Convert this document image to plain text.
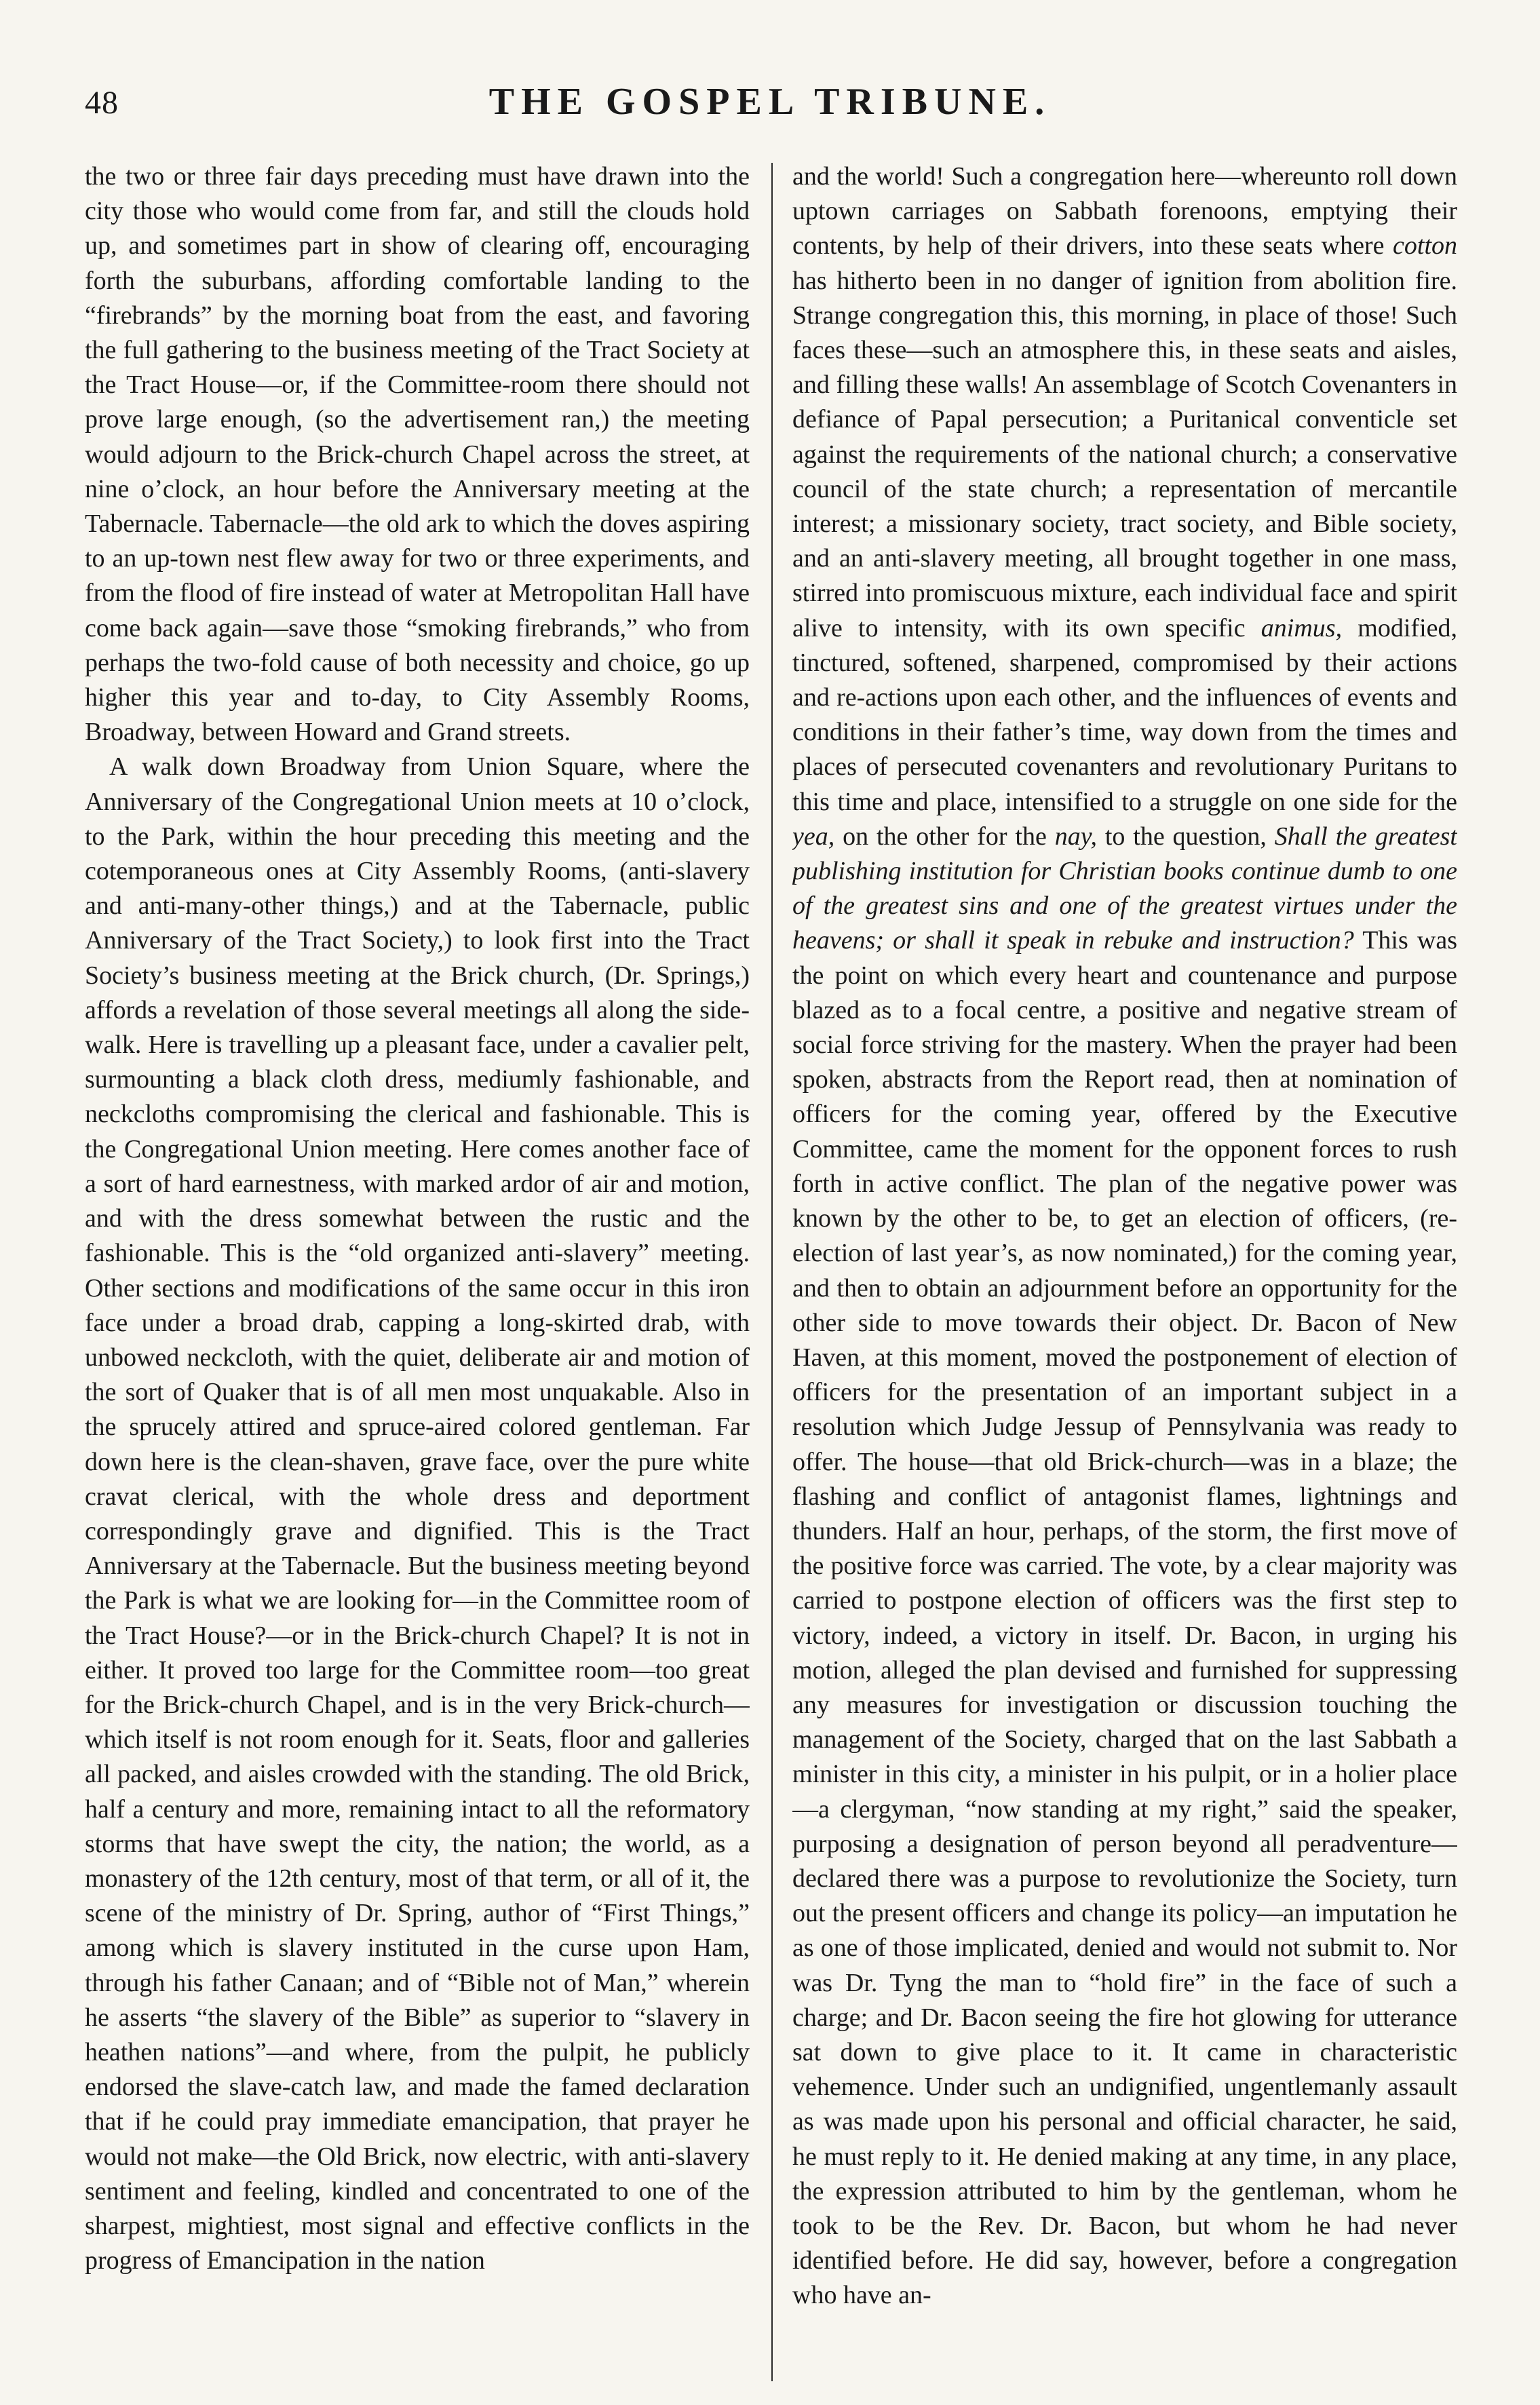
48	THE GOSPEL TRIBUNE.

the two or three fair days preceding must have drawn into the city those who would come from far, and still the clouds hold up, and sometimes part in show of clearing off, encouraging forth the suburbans, affording comfortable landing to the “firebrands” by the morning boat from the east, and favoring the full gathering to the business meeting of the Tract Society at the Tract House—or, if the Committee-room there should not prove large enough, (so the advertisement ran,) the meeting would adjourn to the Brick-church Chapel across the street, at nine o’clock, an hour before the Anniversary meeting at the Tabernacle. Tabernacle—the old ark to which the doves aspiring to an up-town nest flew away for two or three experiments, and from the flood of fire instead of water at Metropolitan Hall have come back again—save those “smoking firebrands,” who from perhaps the two-fold cause of both necessity and choice, go up higher this year and to-day, to City Assembly Rooms, Broadway, between Howard and Grand streets.

A walk down Broadway from Union Square, where the Anniversary of the Congregational Union meets at 10 o’clock, to the Park, within the hour preceding this meeting and the cotemporaneous ones at City Assembly Rooms, (anti-slavery and anti-many-other things,) and at the Tabernacle, public Anniversary of the Tract Society,) to look first into the Tract Society’s business meeting at the Brick church, (Dr. Springs,) affords a revelation of those several meetings all along the side-walk. Here is travelling up a pleasant face, under a cavalier pelt, surmounting a black cloth dress, mediumly fashionable, and neckcloths compromising the clerical and fashionable. This is the Congregational Union meeting. Here comes another face of a sort of hard earnestness, with marked ardor of air and motion, and with the dress somewhat between the rustic and the fashionable. This is the “old organized anti-slavery” meeting. Other sections and modifications of the same occur in this iron face under a broad drab, capping a long-skirted drab, with unbowed neckcloth, with the quiet, deliberate air and motion of the sort of Quaker that is of all men most unquakable. Also in the sprucely attired and spruce-aired colored gentleman. Far down here is the clean-shaven, grave face, over the pure white cravat clerical, with the whole dress and deportment correspondingly grave and dignified. This is the Tract Anniversary at the Tabernacle. But the business meeting beyond the Park is what we are looking for—in the Committee room of the Tract House?—or in the Brick-church Chapel? It is not in either. It proved too large for the Committee room—too great for the Brick-church Chapel, and is in the very Brick-church—which itself is not room enough for it. Seats, floor and galleries all packed, and aisles crowded with the standing. The old Brick, half a century and more, remaining intact to all the reformatory storms that have swept the city, the nation; the world, as a monastery of the 12th century, most of that term, or all of it, the scene of the ministry of Dr. Spring, author of “First Things,” among which is slavery instituted in the curse upon Ham, through his father Canaan; and of “Bible not of Man,” wherein he asserts “the slavery of the Bible” as superior to “slavery in heathen nations”—and where, from the pulpit, he publicly endorsed the slave-catch law, and made the famed declaration that if he could pray immediate emancipation, that prayer he would not make—the Old Brick, now electric, with anti-slavery sentiment and feeling, kindled and concentrated to one of the sharpest, mightiest, most signal and effective conflicts in the progress of Emancipation in the nation

and the world! Such a congregation here—whereunto roll down uptown carriages on Sabbath forenoons, emptying their contents, by help of their drivers, into these seats where cotton has hitherto been in no danger of ignition from abolition fire. Strange congregation this, this morning, in place of those! Such faces these—such an atmosphere this, in these seats and aisles, and filling these walls! An assemblage of Scotch Covenanters in defiance of Papal persecution; a Puritanical conventicle set against the requirements of the national church; a conservative council of the state church; a representation of mercantile interest; a missionary society, tract society, and Bible society, and an anti-slavery meeting, all brought together in one mass, stirred into promiscuous mixture, each individual face and spirit alive to intensity, with its own specific animus, modified, tinctured, softened, sharpened, compromised by their actions and re-actions upon each other, and the influences of events and conditions in their father’s time, way down from the times and places of persecuted covenanters and revolutionary Puritans to this time and place, intensified to a struggle on one side for the yea, on the other for the nay, to the question, Shall the greatest publishing institution for Christian books continue dumb to one of the greatest sins and one of the greatest virtues under the heavens; or shall it speak in rebuke and instruction? This was the point on which every heart and countenance and purpose blazed as to a focal centre, a positive and negative stream of social force striving for the mastery. When the prayer had been spoken, abstracts from the Report read, then at nomination of officers for the coming year, offered by the Executive Committee, came the moment for the opponent forces to rush forth in active conflict. The plan of the negative power was known by the other to be, to get an election of officers, (re-election of last year’s, as now nominated,) for the coming year, and then to obtain an adjournment before an opportunity for the other side to move towards their object. Dr. Bacon of New Haven, at this moment, moved the postponement of election of officers for the presentation of an important subject in a resolution which Judge Jessup of Pennsylvania was ready to offer. The house—that old Brick-church—was in a blaze; the flashing and conflict of antagonist flames, lightnings and thunders. Half an hour, perhaps, of the storm, the first move of the positive force was carried. The vote, by a clear majority was carried to postpone election of officers was the first step to victory, indeed, a victory in itself. Dr. Bacon, in urging his motion, alleged the plan devised and furnished for suppressing any measures for investigation or discussion touching the management of the Society, charged that on the last Sabbath a minister in this city, a minister in his pulpit, or in a holier place—a clergyman, “now standing at my right,” said the speaker, purposing a designation of person beyond all peradventure—declared there was a purpose to revolutionize the Society, turn out the present officers and change its policy—an imputation he as one of those implicated, denied and would not submit to. Nor was Dr. Tyng the man to “hold fire” in the face of such a charge; and Dr. Bacon seeing the fire hot glowing for utterance sat down to give place to it. It came in characteristic vehemence. Under such an undignified, ungentlemanly assault as was made upon his personal and official character, he said, he must reply to it. He denied making at any time, in any place, the expression attributed to him by the gentleman, whom he took to be the Rev. Dr. Bacon, but whom he had never identified before. He did say, however, before a congregation who have an-
